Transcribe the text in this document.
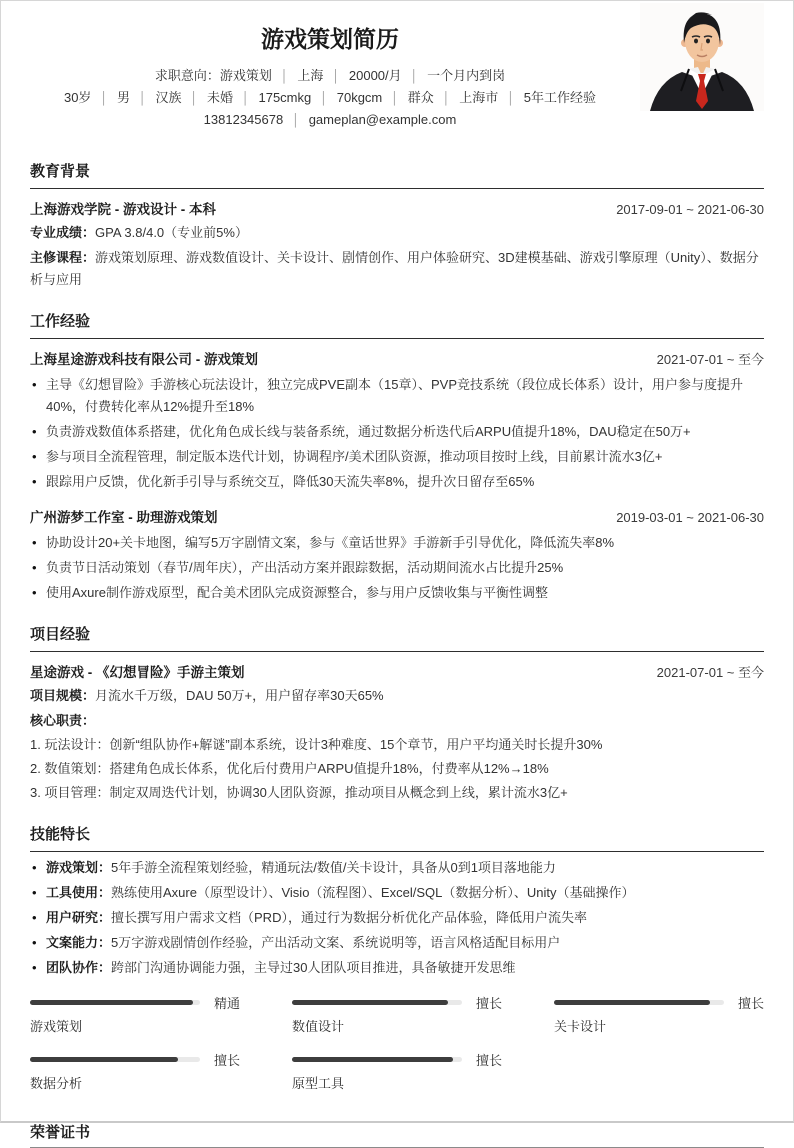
游戏策划简历
求职意向：游戏策划 │ 上海 │ 20000/月 │ 一个月内到岗
30岁 │ 男 │ 汉族 │ 未婚 │ 175cmkg │ 70kgcm │ 群众 │ 上海市 │ 5年工作经验
13812345678 │ gameplan@example.com
教育背景
上海游戏学院 - 游戏设计 - 本科	2017-09-01 ~ 2021-06-30
专业成绩：GPA 3.8/4.0（专业前5%）
主修课程：游戏策划原理、游戏数值设计、关卡设计、剧情创作、用户体验研究、3D建模基础、游戏引擎原理（Unity）、数据分析与应用
工作经验
上海星途游戏科技有限公司 - 游戏策划	2021-07-01 ~ 至今
• 主导《幻想冒险》手游核心玩法设计，独立完成PVE副本（15章）、PVP竞技系统（段位成长体系）设计，用户参与度提升40%，付费转化率从12%提升至18%
• 负责游戏数值体系搭建，优化角色成长线与装备系统，通过数据分析迭代后ARPU值提升18%，DAU稳定在50万+
• 参与项目全流程管理，制定版本迭代计划，协调程序/美术团队资源，推动项目按时上线，目前累计流水3亿+
• 跟踪用户反馈，优化新手引导与系统交互，降低30天流失率8%，提升次日留存至65%
广州游梦工作室 - 助理游戏策划	2019-03-01 ~ 2021-06-30
• 协助设计20+关卡地图，编写5万字剧情文案，参与《童话世界》手游新手引导优化，降低流失率8%
• 负责节日活动策划（春节/周年庆），产出活动方案并跟踪数据，活动期间流水占比提升25%
• 使用Axure制作游戏原型，配合美术团队完成资源整合，参与用户反馈收集与平衡性调整
项目经验
星途游戏 - 《幻想冒险》手游主策划	2021-07-01 ~ 至今
项目规模：月流水千万级，DAU 50万+，用户留存率30天65%
核心职责：
1. 玩法设计：创新“组队协作+解谜”副本系统，设计3种难度、15个章节，用户平均通关时长提升30%
2. 数值策划：搭建角色成长体系，优化后付费用户ARPU值提升18%，付费率从12%→18%
3. 项目管理：制定双周迭代计划，协调30人团队资源，推动项目从概念到上线，累计流水3亿+
技能特长
• 游戏策划：5年手游全流程策划经验，精通玩法/数值/关卡设计，具备从0到1项目落地能力
• 工具使用：熟练使用Axure（原型设计）、Visio（流程图）、Excel/SQL（数据分析）、Unity（基础操作）
• 用户研究：擅长撰写用户需求文档（PRD），通过行为数据分析优化产品体验，降低用户流失率
• 文案能力：5万字游戏剧情创作经验，产出活动文案、系统说明等，语言风格适配目标用户
• 团队协作：跨部门沟通协调能力强，主导过30人团队项目推进，具备敏捷开发思维
精通
游戏策划
擅长
数值设计
擅长
关卡设计
擅长
数据分析
擅长
原型工具
荣誉证书
